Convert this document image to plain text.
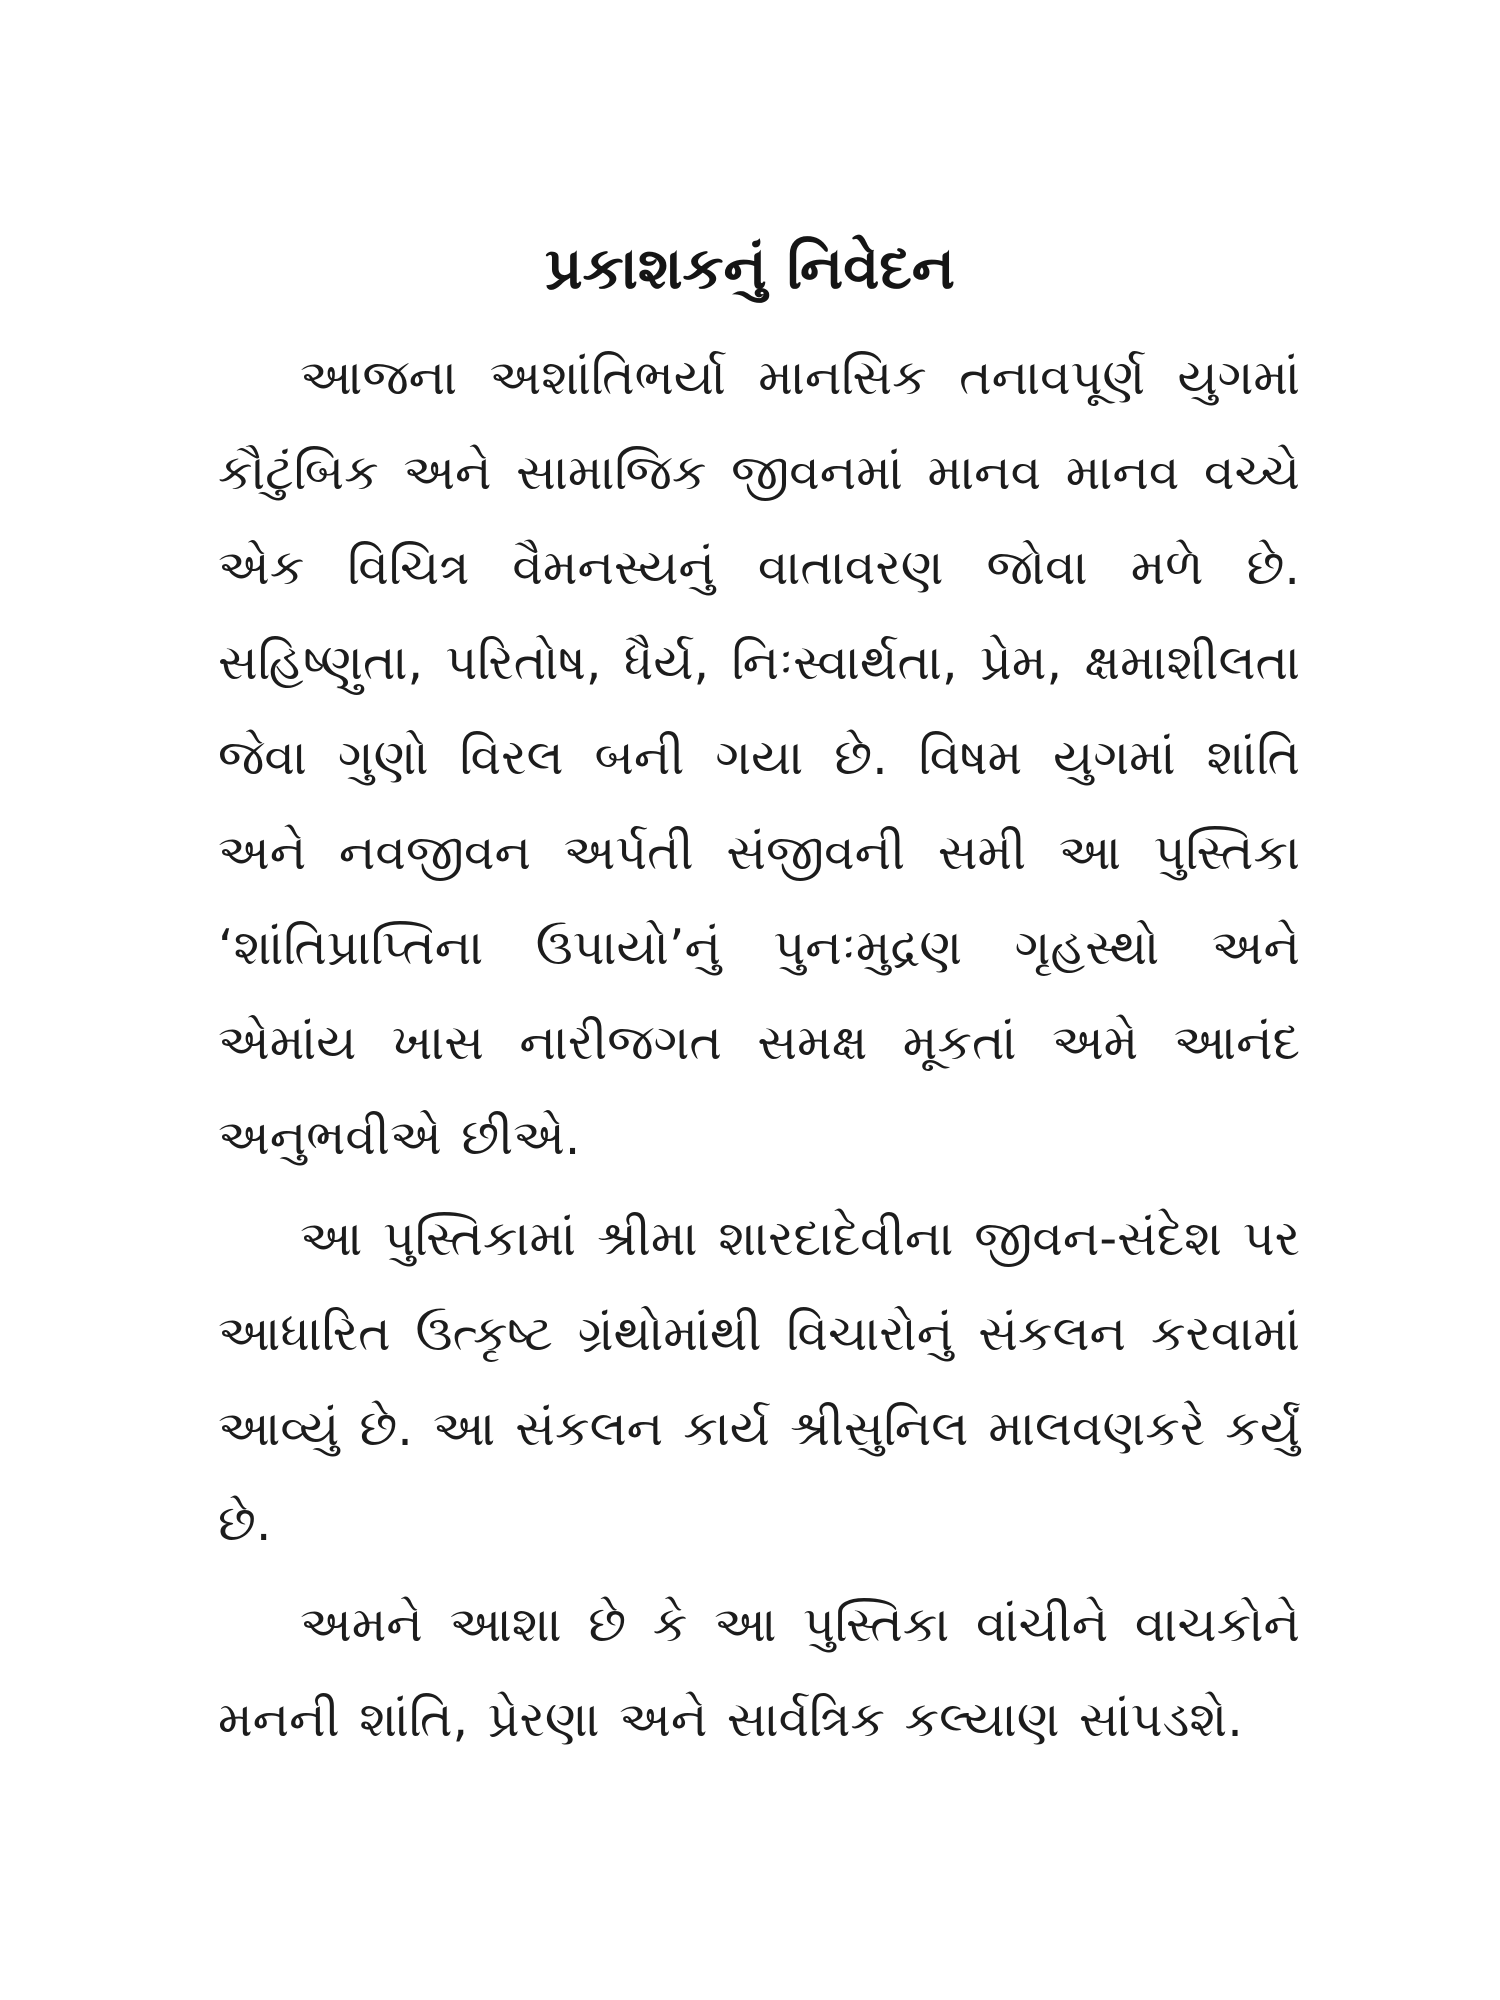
પ્રકાશકનું નિવેદન

આજના અશાંતિભર્યા માનસિક તનાવપૂર્ણ યુગમાં કૌટુંબિક અને સામાજિક જીવનમાં માનવ માનવ વચ્ચે એક વિચિત્ર વૈમનસ્યનું વાતાવરણ જોવા મળે છે. સહિષ્ણુતા, પરિતોષ, ધૈર્ય, નિઃસ્વાર્થતા, પ્રેમ, ક્ષમાશીલતા જેવા ગુણો વિરલ બની ગયા છે. વિષમ યુગમાં શાંતિ અને નવજીવન અર્પતી સંજીવની સમી આ પુસ્તિકા ‘શાંતિપ્રાપ્તિના ઉપાયો’નું પુનઃમુદ્રણ ગૃહસ્થો અને એમાંય ખાસ નારીજગત સમક્ષ મૂકતાં અમે આનંદ અનુભવીએ છીએ.

આ પુસ્તિકામાં શ્રીમા શારદાદેવીના જીવન-સંદેશ પર આધારિત ઉત્કૃષ્ટ ગ્રંથોમાંથી વિચારોનું સંકલન કરવામાં આવ્યું છે. આ સંકલન કાર્ય શ્રીસુનિલ માલવણકરે કર્યું છે.

અમને આશા છે કે આ પુસ્તિકા વાંચીને વાચકોને મનની શાંતિ, પ્રેરણા અને સાર્વત્રિક કલ્યાણ સાંપડશે.
